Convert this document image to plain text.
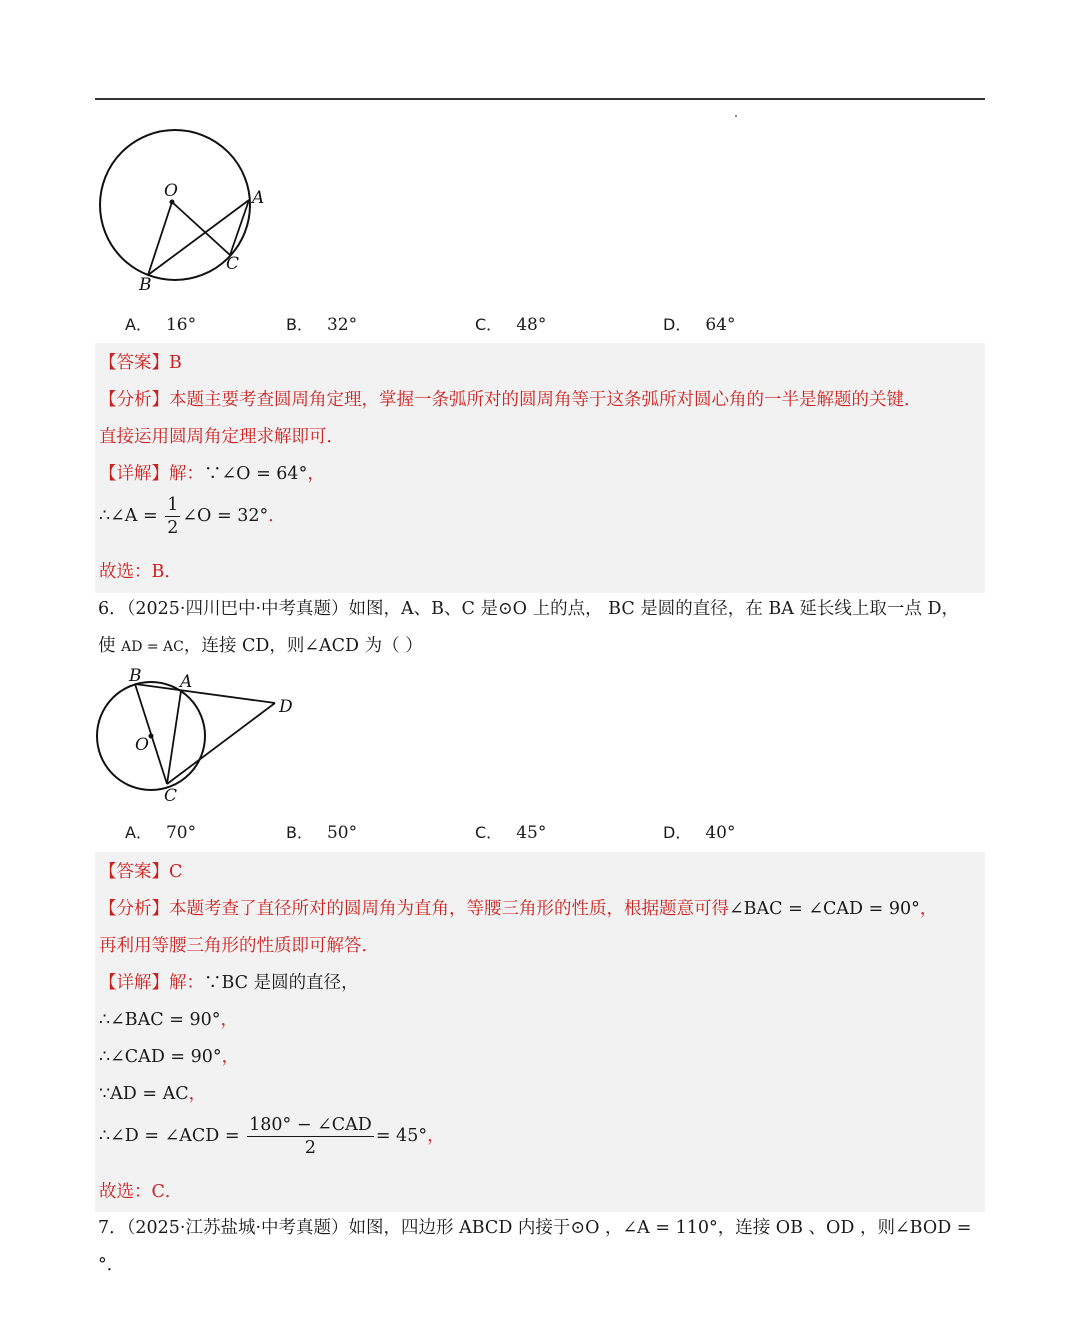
O	A
B
C
A． 16°	B． 32°	C． 48°	D． 64°
【答案】B
【分析】本题主要考查圆周角定理，掌握一条弧所对的圆周角等于这条弧所对圆心角的一半是解题的关键．
直接运用圆周角定理求解即可．
【详解】解：∵∠O = 64°，
∴∠A = $\frac{1}{2}$ ∠O = 32°．
故选：B．
6．（2025·四川巴中·中考真题）如图，A、B、C 是⊙O 上的点， BC 是圆的直径，在 BA 延长线上取一点 D，
使 AD = AC，连接 CD，则∠ACD 为（ ）
B A
D
O
C
A． 70°	B． 50°	C． 45°	D． 40°
【答案】C
【分析】本题考查了直径所对的圆周角为直角，等腰三角形的性质，根据题意可得∠BAC = ∠CAD = 90°，
再利用等腰三角形的性质即可解答．
【详解】解：∵BC 是圆的直径，
∴∠BAC = 90°，
∴∠CAD = 90°，
∵AD = AC，
∴∠D = ∠ACD = $\frac{\text{180° − ∠CAD}}{2} = 45^\circ$，
故选：C．
7．（2025·江苏盐城·中考真题）如图，四边形 ABCD 内接于⊙O ，∠A = 110°，连接 OB 、OD ，则∠BOD =
°．
